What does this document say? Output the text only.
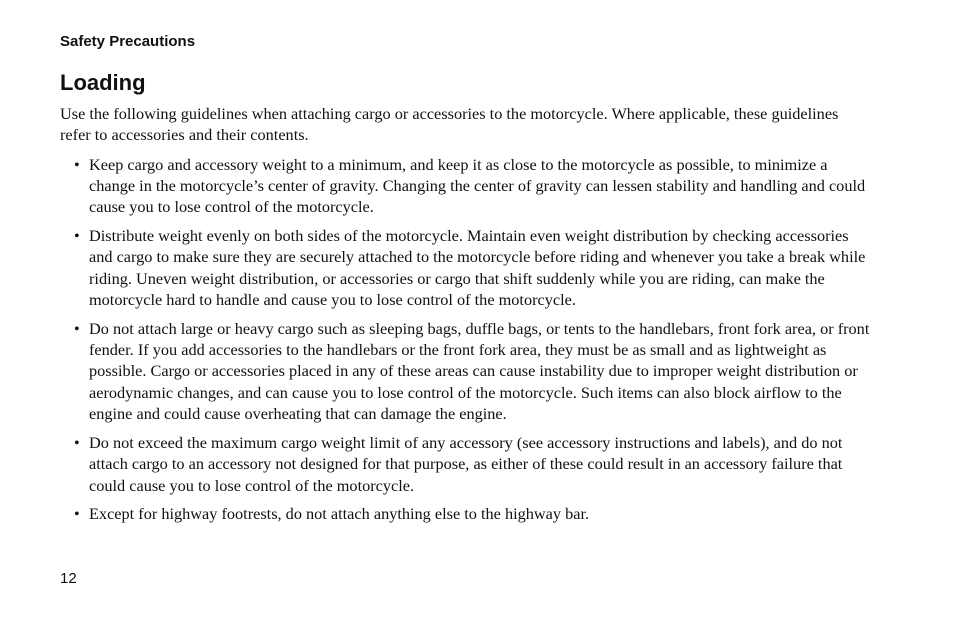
Safety Precautions
Loading

Use the following guidelines when attaching cargo or accessories to the motorcycle. Where applicable, these guidelines refer to accessories and their contents.

• Keep cargo and accessory weight to a minimum, and keep it as close to the motorcycle as possible, to minimize a change in the motorcycle’s center of gravity. Changing the center of gravity can lessen stability and handling and could cause you to lose control of the motorcycle.
• Distribute weight evenly on both sides of the motorcycle. Maintain even weight distribution by checking accessories and cargo to make sure they are securely attached to the motorcycle before riding and whenever you take a break while riding. Uneven weight distribution, or accessories or cargo that shift suddenly while you are riding, can make the motorcycle hard to handle and cause you to lose control of the motorcycle.
• Do not attach large or heavy cargo such as sleeping bags, duffle bags, or tents to the handlebars, front fork area, or front fender. If you add accessories to the handlebars or the front fork area, they must be as small and as lightweight as possible. Cargo or accessories placed in any of these areas can cause instability due to improper weight distribution or aerodynamic changes, and can cause you to lose control of the motorcycle. Such items can also block airflow to the engine and could cause overheating that can damage the engine.
• Do not exceed the maximum cargo weight limit of any accessory (see accessory instructions and labels), and do not attach cargo to an accessory not designed for that purpose, as either of these could result in an accessory failure that could cause you to lose control of the motorcycle.
• Except for highway footrests, do not attach anything else to the highway bar.
12
